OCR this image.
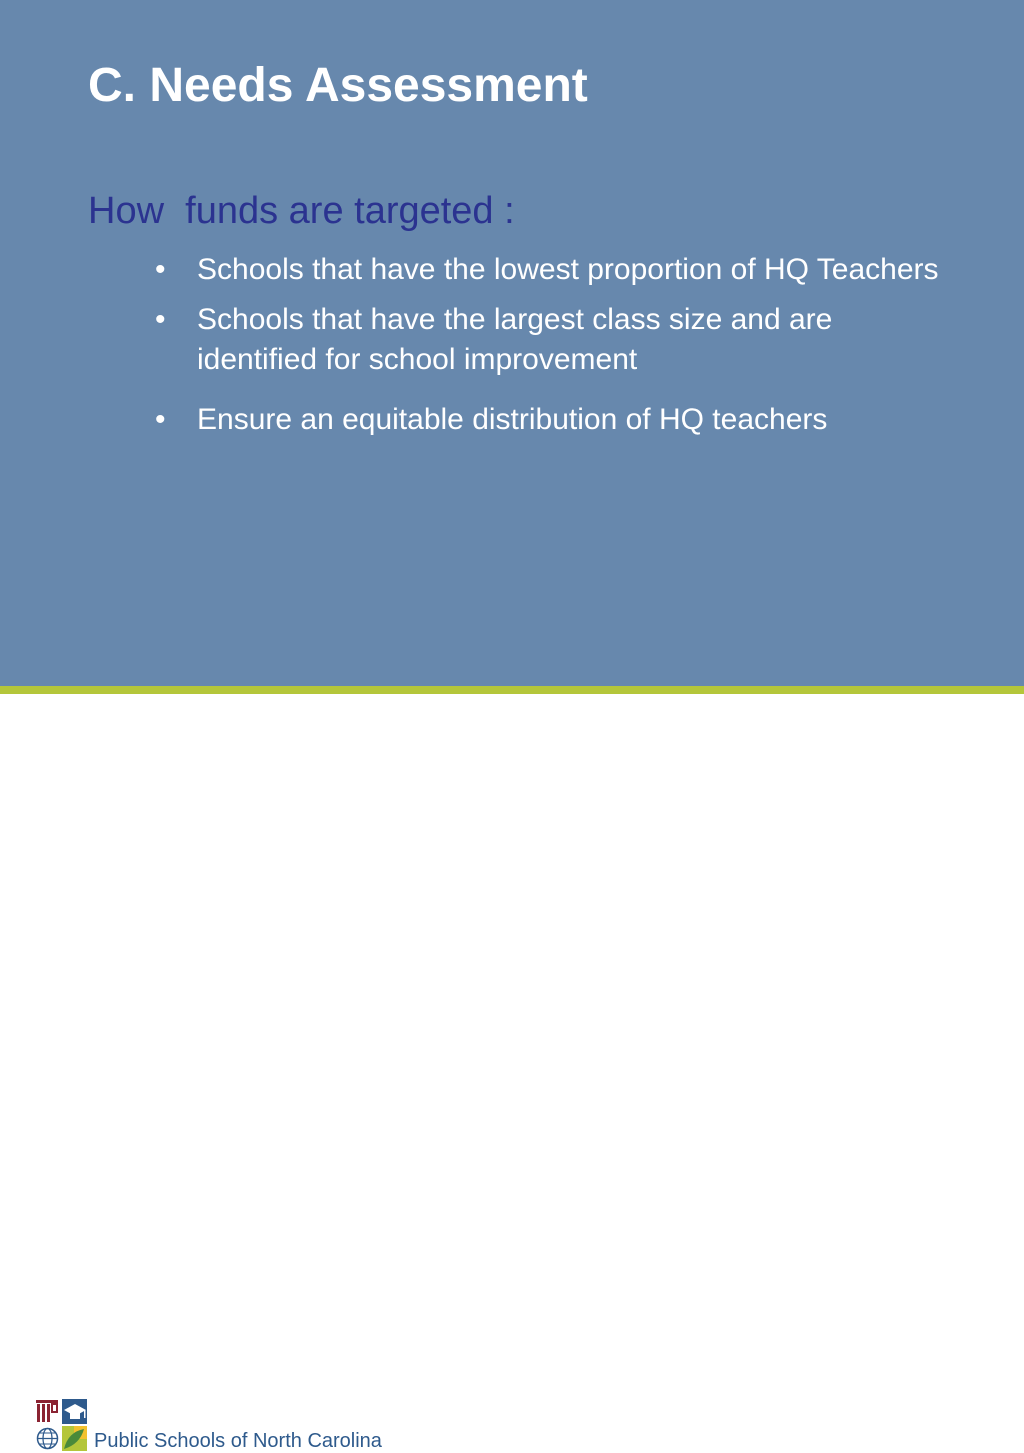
C. Needs Assessment
How  funds are targeted :
• Schools that have the lowest proportion of HQ Teachers
• Schools that have the largest class size and are identified for school improvement
• Ensure an equitable distribution of HQ teachers
Public Schools of North Carolina
